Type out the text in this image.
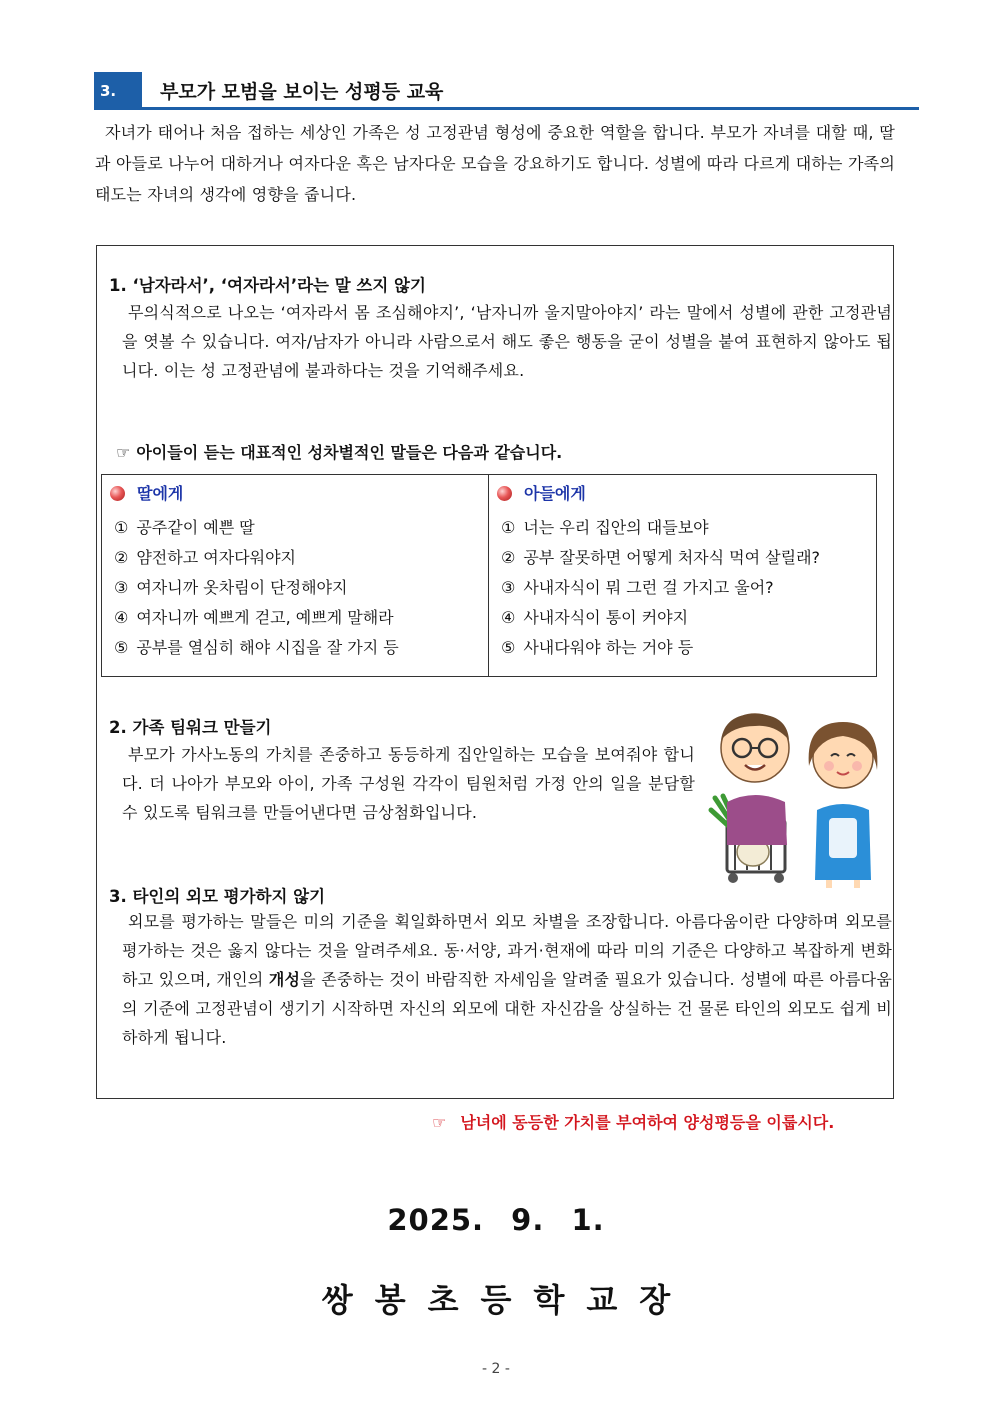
3.	부모가 모범을 보이는 성평등 교육
자녀가 태어나 처음 접하는 세상인 가족은 성 고정관념 형성에 중요한 역할을 합니다. 부모가 자녀를 대할 때, 딸과 아들로 나누어 대하거나 여자다운 혹은 남자다운 모습을 강요하기도 합니다. 성별에 따라 다르게 대하는 가족의 태도는 자녀의 생각에 영향을 줍니다.
1. ‘남자라서’, ‘여자라서’라는 말 쓰지 않기
무의식적으로 나오는 ‘여자라서 몸 조심해야지’, ‘남자니까 울지말아야지’ 라는 말에서 성별에 관한 고정관념을 엿볼 수 있습니다. 여자/남자가 아니라 사람으로서 해도 좋은 행동을 굳이 성별을 붙여 표현하지 않아도 됩니다. 이는 성 고정관념에 불과하다는 것을 기억해주세요.
☞ 아이들이 듣는 대표적인 성차별적인 말들은 다음과 같습니다.
딸에게
① 공주같이 예쁜 딸
② 얌전하고 여자다워야지
③ 여자니까 옷차림이 단정해야지
④ 여자니까 예쁘게 걷고, 예쁘게 말해라
⑤ 공부를 열심히 해야 시집을 잘 가지 등
아들에게
① 너는 우리 집안의 대들보야
② 공부 잘못하면 어떻게 처자식 먹여 살릴래?
③ 사내자식이 뭐 그런 걸 가지고 울어?
④ 사내자식이 통이 커야지
⑤ 사내다워야 하는 거야 등
2. 가족 팀워크 만들기
부모가 가사노동의 가치를 존중하고 동등하게 집안일하는 모습을 보여줘야 합니다. 더 나아가 부모와 아이, 가족 구성원 각각이 팀원처럼 가정 안의 일을 분담할 수 있도록 팀워크를 만들어낸다면 금상첨화입니다.
3. 타인의 외모 평가하지 않기
외모를 평가하는 말들은 미의 기준을 획일화하면서 외모 차별을 조장합니다. 아름다움이란 다양하며 외모를 평가하는 것은 옳지 않다는 것을 알려주세요. 동·서양, 과거·현재에 따라 미의 기준은 다양하고 복잡하게 변화하고 있으며, 개인의 개성을 존중하는 것이 바람직한 자세임을 알려줄 필요가 있습니다. 성별에 따른 아름다움의 기준에 고정관념이 생기기 시작하면 자신의 외모에 대한 자신감을 상실하는 건 물론 타인의 외모도 쉽게 비하하게 됩니다.
☞ 남녀에 동등한 가치를 부여하여 양성평등을 이룹시다.
2025. 9. 1.
쌍봉초등학교장
- 2 -
